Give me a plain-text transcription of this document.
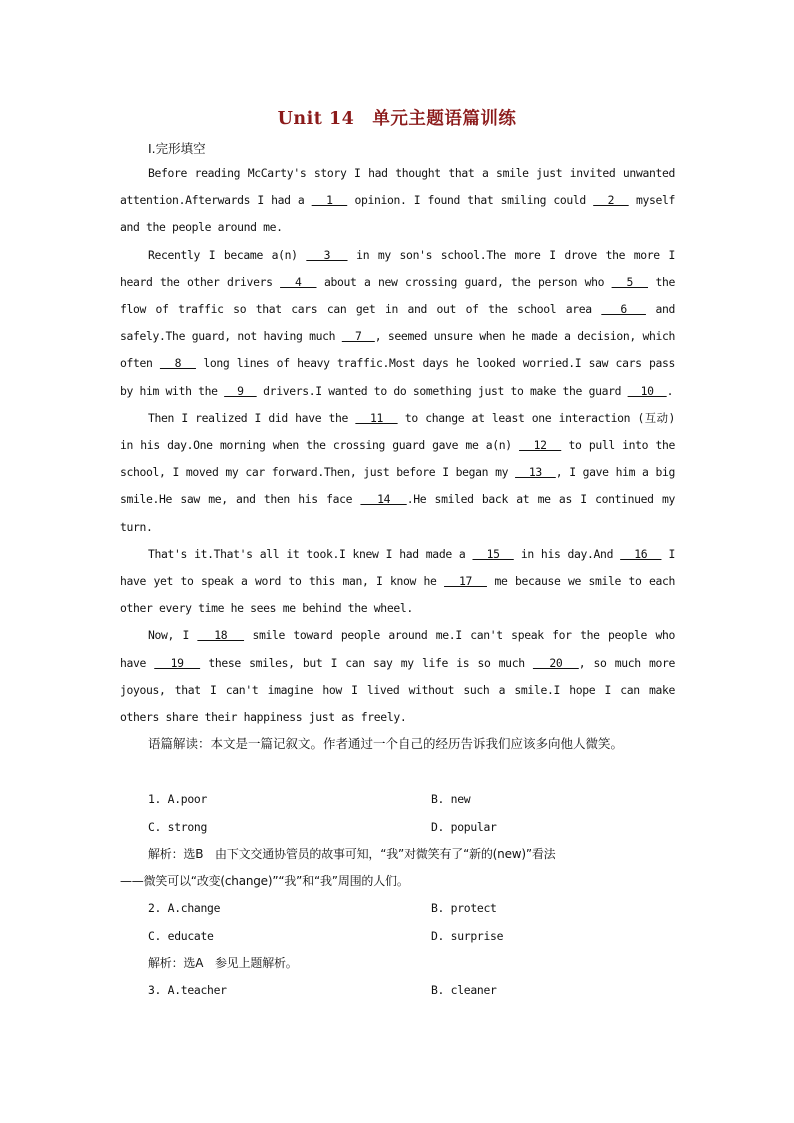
Unit 14　单元主题语篇训练
Ⅰ.完形填空

Before reading McCarty's story I had thought that a smile just invited unwanted attention.Afterwards I had a   1   opinion. I found that smiling could   2   myself and the people around me.

Recently I became a(n)   3   in my son's school.The more I drove the more I heard the other drivers   4   about a new crossing guard, the person who   5   the flow of traffic so that cars can get in and out of the school area   6   and safely.The guard, not having much   7  , seemed unsure when he made a decision, which often   8   long lines of heavy traffic.Most days he looked worried.I saw cars pass by him with the   9   drivers.I wanted to do something just to make the guard   10  .

Then I realized I did have the   11   to change at least one interaction (互动) in his day.One morning when the crossing guard gave me a(n)   12   to pull into the school, I moved my car forward.Then, just before I began my   13  , I gave him a big smile.He saw me, and then his face   14  .He smiled back at me as I continued my turn.

That's it.That's all it took.I knew I had made a   15   in his day.And   16   I have yet to speak a word to this man, I know he   17   me because we smile to each other every time he sees me behind the wheel.

Now, I   18   smile toward people around me.I can't speak for the people who have   19   these smiles, but I can say my life is so much   20  , so much more joyous, that I can't imagine how I lived without such a smile.I hope I can make others share their happiness just as freely.

语篇解读：本文是一篇记叙文。作者通过一个自己的经历告诉我们应该多向他人微笑。
1. A.poor	B. new
C. strong	D. popular
解析：选B　由下文交通协管员的故事可知，“我”对微笑有了“新的(new)”看法
——微笑可以“改变(change)”“我”和“我”周围的人们。
2. A.change	B. protect
C. educate	D. surprise
解析：选A　参见上题解析。
3. A.teacher	B. cleaner
